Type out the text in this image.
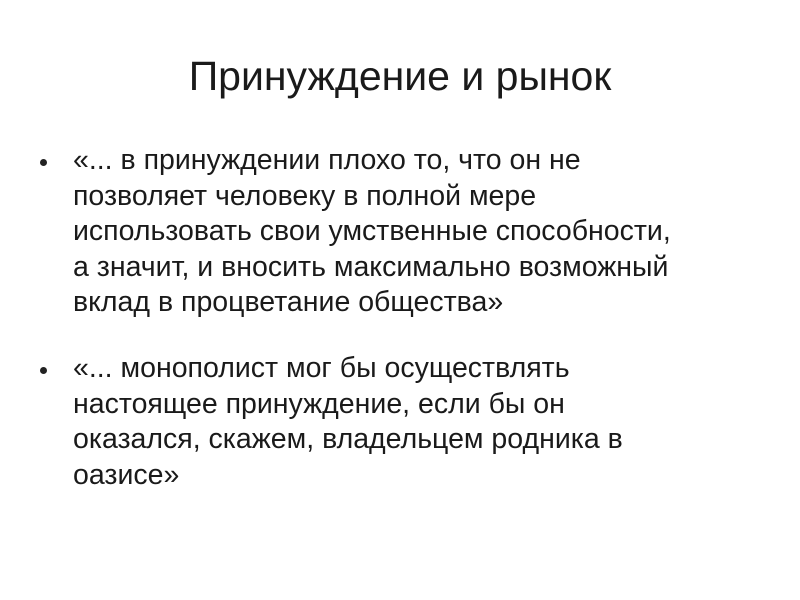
Принуждение и рынок

«... в принуждении плохо то, что он не
позволяет человеку в полной мере
использовать свои умственные способности,
а значит, и вносить максимально возможный
вклад в процветание общества»

«... монополист мог бы осуществлять
настоящее принуждение, если бы он
оказался, скажем, владельцем родника в
оазисе»
